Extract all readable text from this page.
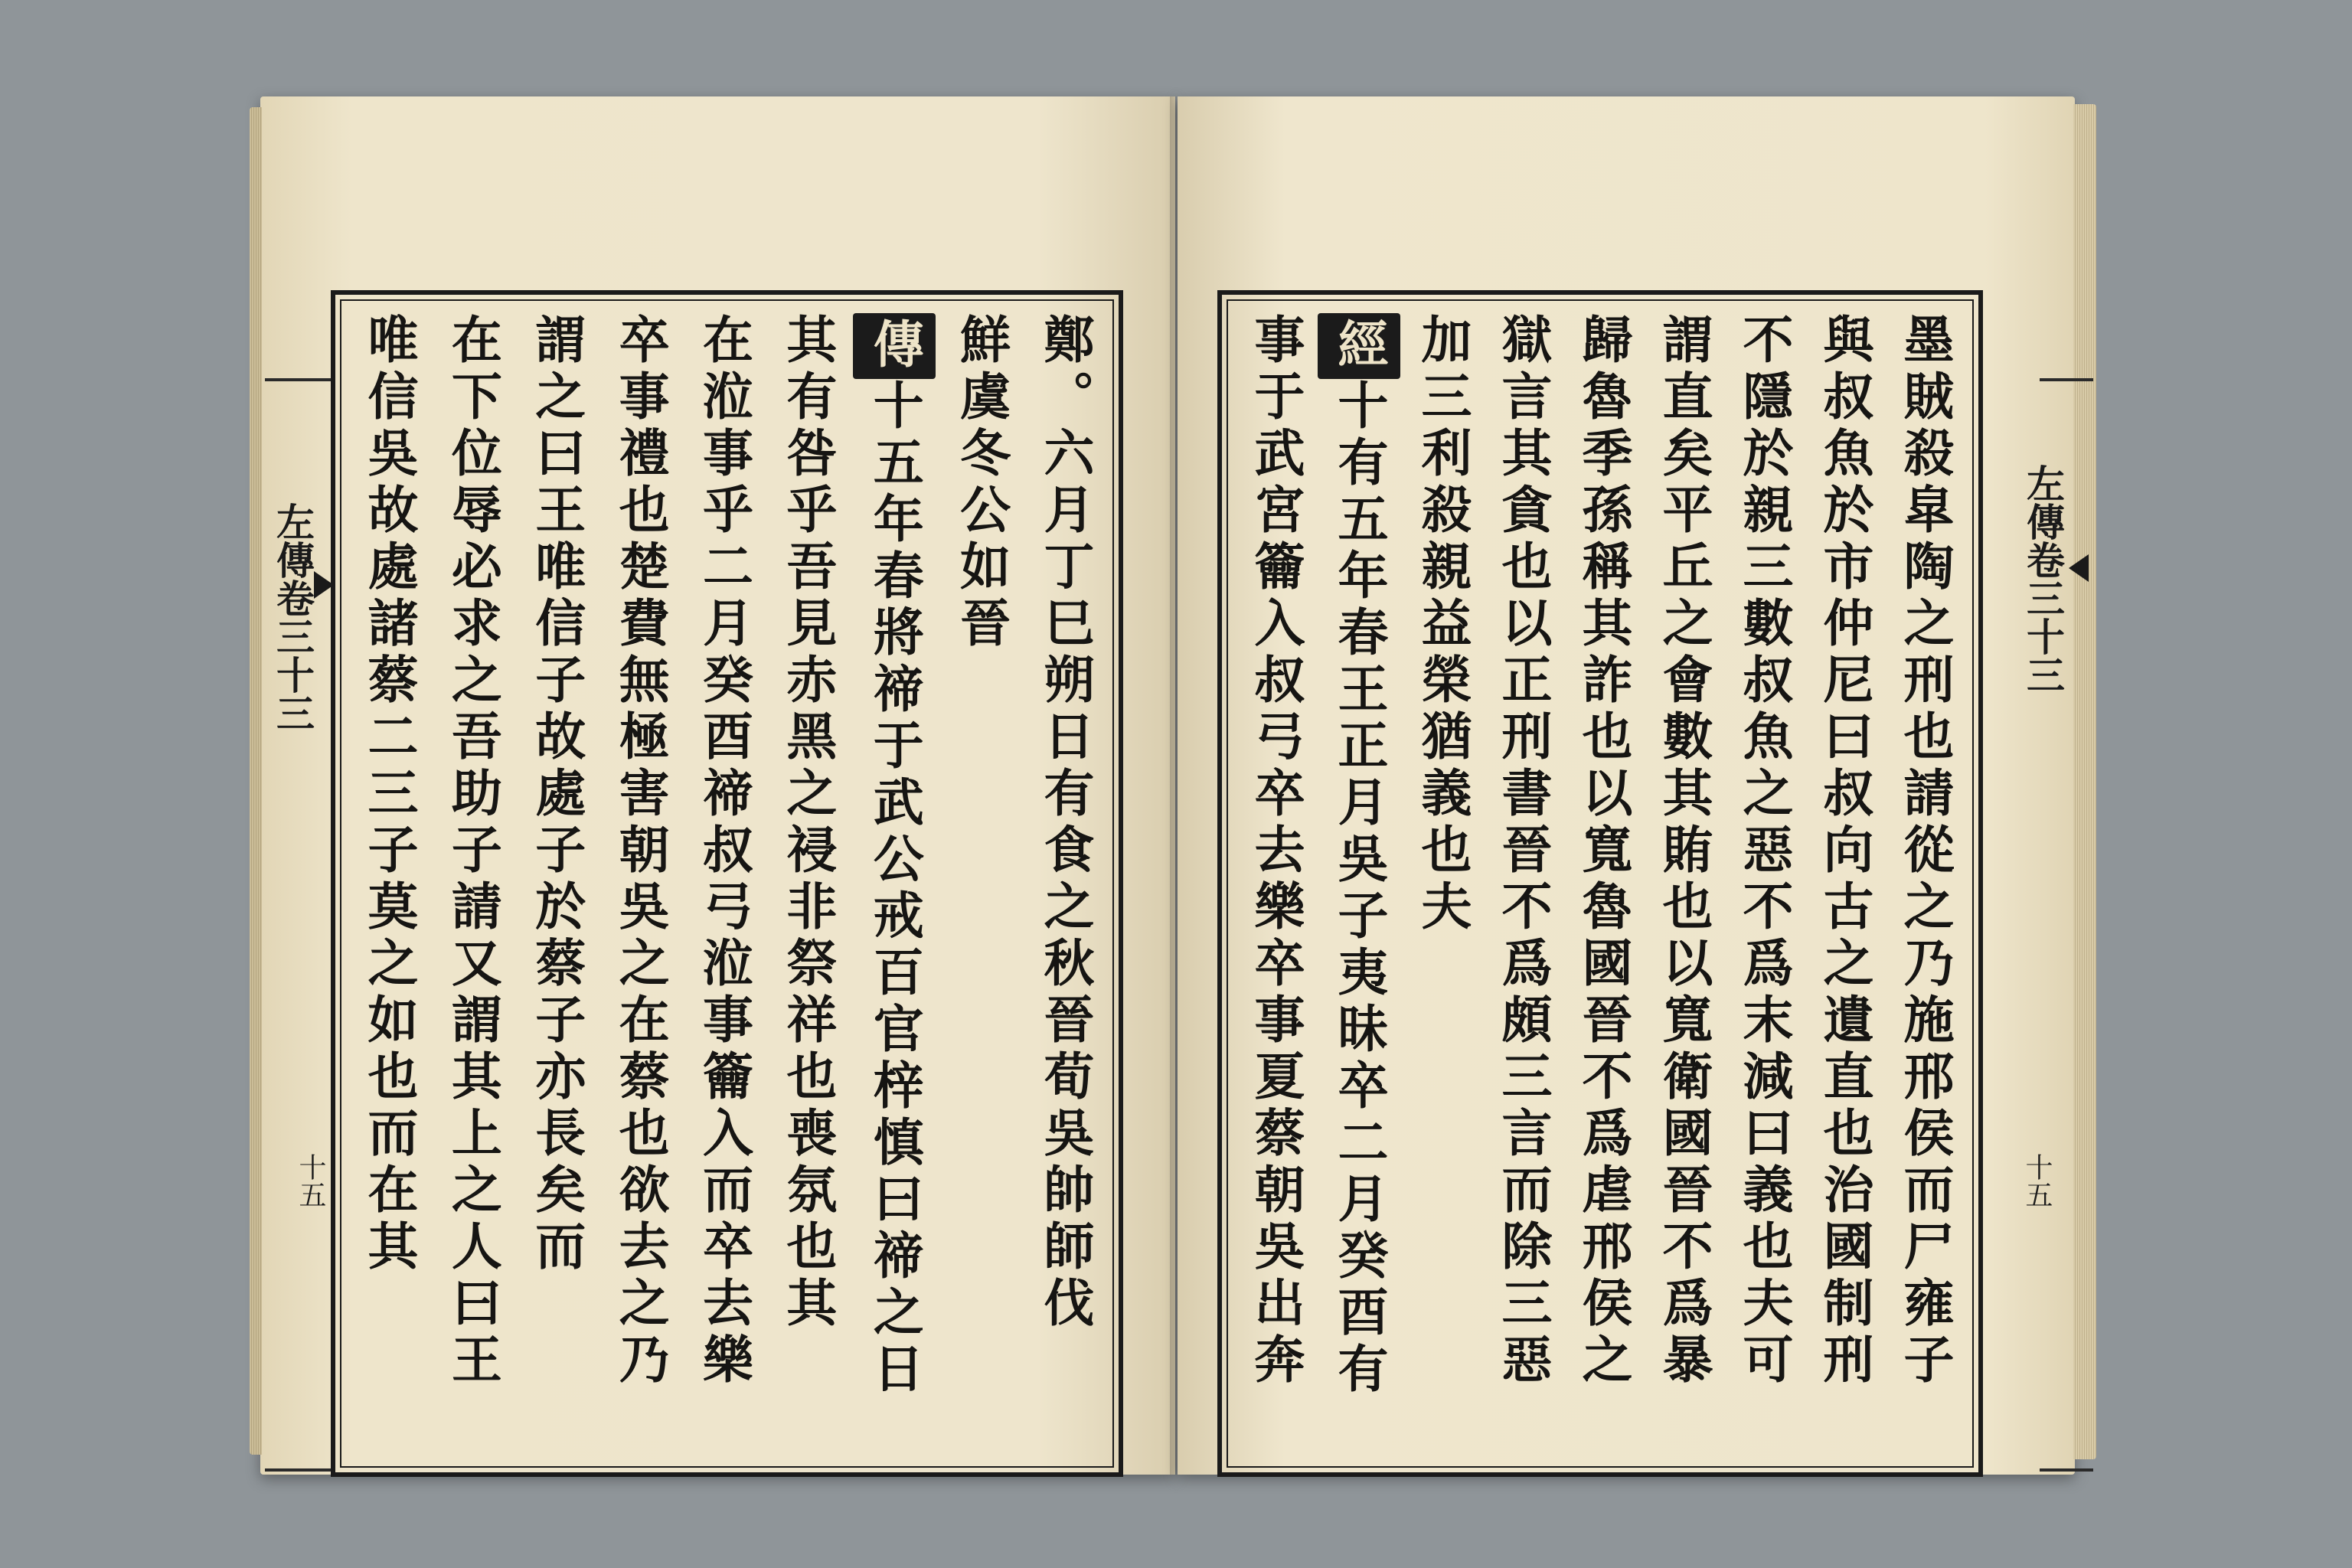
左傳卷三十三
十五	鄭。六月丁巳朔日有食之秋晉荀吳帥師伐
鮮虞冬公如晉
傳十五年春將禘于武公戒百官梓慎曰禘之日
其有咎乎吾見赤黑之祲非祭祥也喪氛也其
在涖事乎二月癸酉禘叔弓涖事籥入而卒去樂
卒事禮也楚費無極害朝吳之在蔡也欲去之乃
謂之曰王唯信子故處子於蔡子亦長矣而
在下位辱必求之吾助子請又謂其上之人曰王
唯信吳故處諸蔡二三子莫之如也而在其	左傳卷三十三
十五
墨賊殺皐陶之刑也請從之乃施邢侯而尸雍子
與叔魚於市仲尼曰叔向古之遺直也治國制刑
不隱於親三數叔魚之惡不爲末減曰義也夫可
謂直矣平丘之會數其賄也以寬衛國晉不爲暴
歸魯季孫稱其詐也以寬魯國晉不爲虐邢侯之
獄言其貪也以正刑書晉不爲頗三言而除三惡
加三利殺親益榮猶義也夫
經十有五年春王正月吳子夷昧卒二月癸酉有
事于武宮籥入叔弓卒去樂卒事夏蔡朝吳出奔
